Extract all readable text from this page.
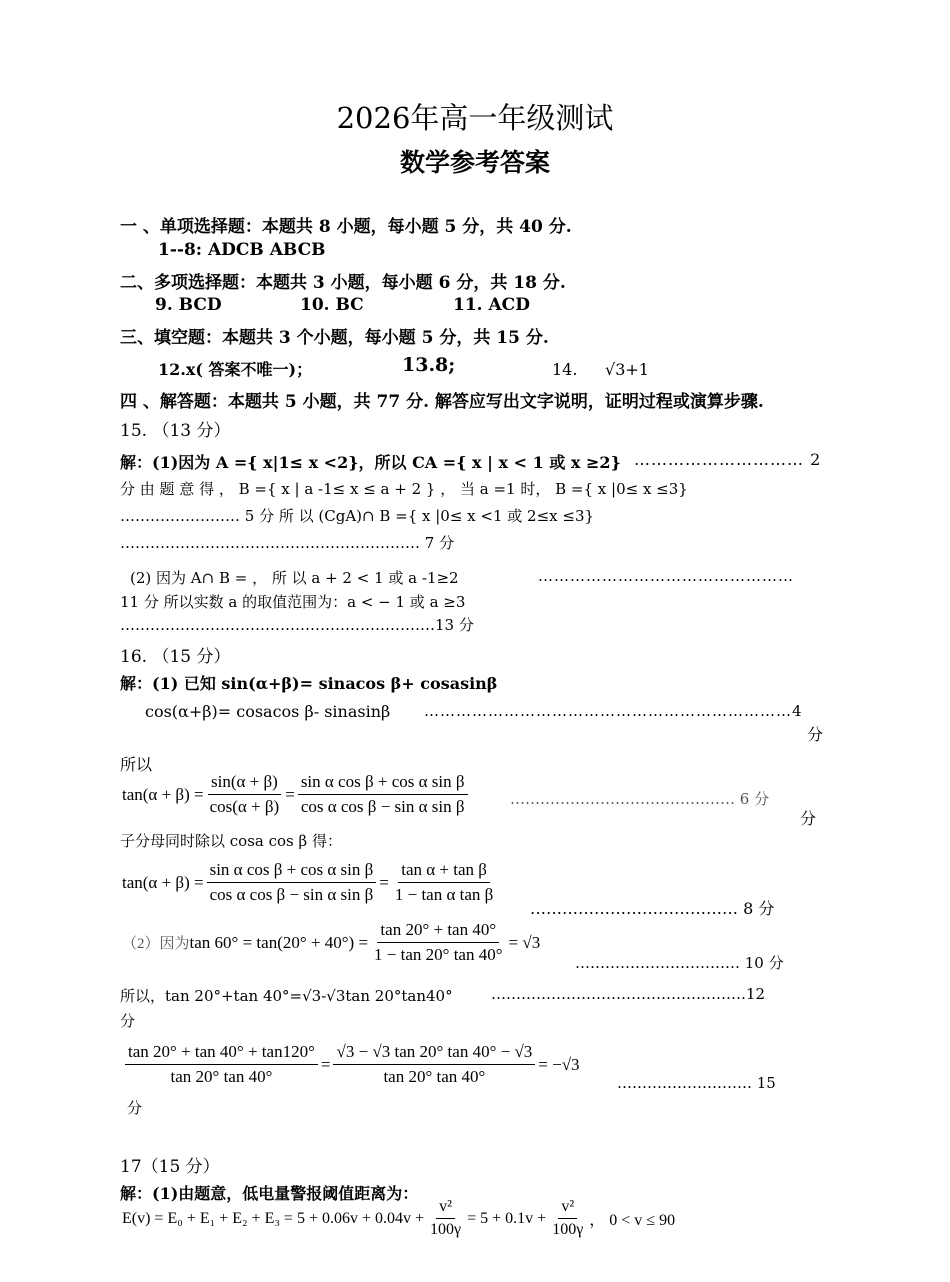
2026年高一年级测试
数学参考答案
一 、单项选择题：本题共 8 小题，每小题 5 分，共 40 分.
1--8: ADCB ABCB
二、多项选择题：本题共 3 小题，每小题 6 分，共 18 分.
9. BCD	10. BC	11. ACD
三、填空题：本题共 3 个小题，每小题 5 分，共 15 分.
12.x( 答案不唯一)；	13.8;	14. √3+1
四 、解答题：本题共 5 小题，共 77 分. 解答应写出文字说明，证明过程或演算步骤.
15. （13 分）
解：(1)因为 A ={ x|1≤ x <2}，所以 CA ={ x | x < 1 或 x ≥2} ………………………… 2
分 由 题 意 得 ， B ={ x | a -1≤ x ≤ a + 2 } ， 当 a =1 时， B ={ x |0≤ x ≤3}
…………………… 5 分 所 以 (CgA)∩ B ={ x |0≤ x <1 或 2≤x ≤3}
…………………………………………………… 7 分
(2) 因为 A∩ B = ， 所 以 a + 2 < 1 或 a -1≥2	…………………………………………
11 分 所以实数 a 的取值范围为：a < − 1 或 a ≥3
………………………………………………………13 分
16. （15 分）
解：(1) 已知 sin(α+β)= sinacos β+ cosasinβ
cos(α+β)= cosacos β- sinasinβ ……………………………………………………………4
分
所以
$\tan(\alpha + \beta) = \frac{\sin(\alpha + \beta)}{\cos(\alpha + \beta)} = \frac{\text{sin α cos β + cos α sin β}}{\text{cos α cos β − sin α sin β}}$	……………………………………… 6 分
分
子分母同时除以 cosa cos β 得：
$\tan(\alpha + \beta) = \frac{\text{sin α cos β + cos α sin β}}{\text{cos α cos β − sin α sin β}} = \frac{\text{tan α + tan β}}{\text{1 − tan α tan β}}$
………………………………… 8 分
（2）因为 $\tan 60^\circ = \tan(20^\circ + 40^\circ) = \frac{\tan 20^\circ + \tan 40^\circ}{1 - \tan 20^\circ \tan 40^\circ} = √3$
…………………………… 10 分
所以，tan 20°+tan 40°=√3-√3tan 20°tan40°	……………………………………………12
分
$\frac{\tan 20^\circ + \tan 40^\circ + \tan 120^\circ}{\tan 20^\circ \tan 40^\circ} = \frac{√3 - √3 \tan 20^\circ \tan 40^\circ - √3}{\tan 20^\circ \tan 40^\circ} = -√3$
……………………… 15
分
17（15 分）
解：(1)由题意，低电量警报阈值距离为：
$E(v) = E_0 + E_1 + E_2 + E_3 = 5 + 0.06v + 0.04v + \frac{\text{v²}}{100\gamma} = 5 + 0.1v + \frac{\text{v²}}{100\gamma}$ ， 0 < v ≤ 90
